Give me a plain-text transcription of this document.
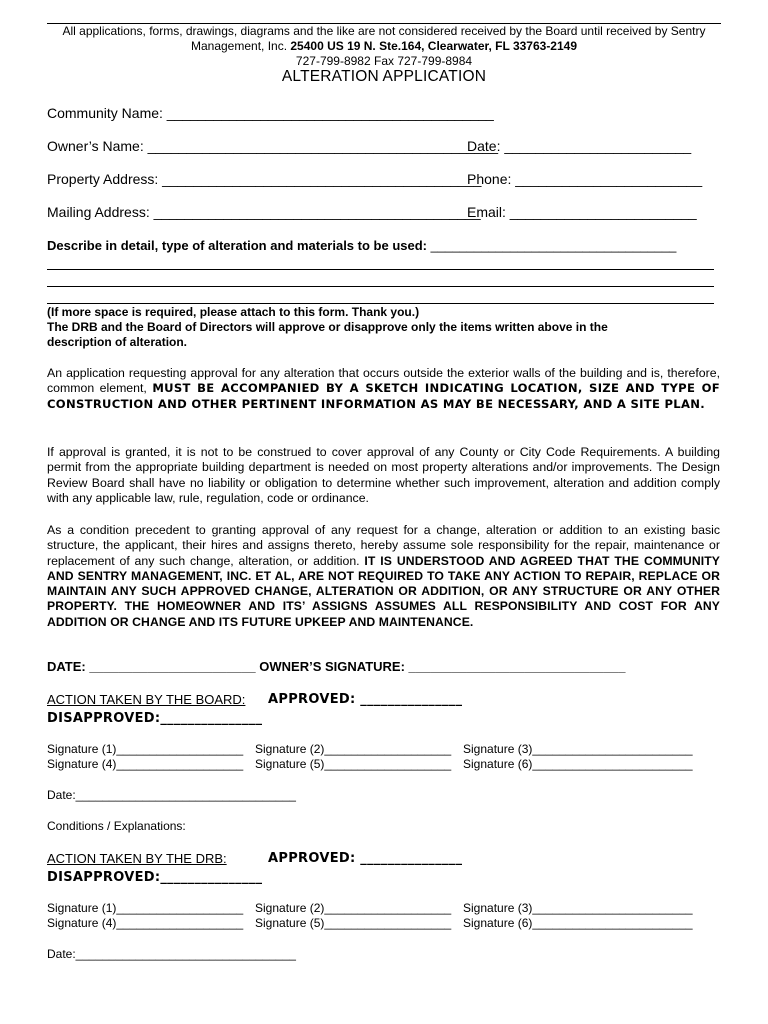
All applications, forms, drawings, diagrams and the like are not considered received by the Board until received by Sentry
Management, Inc. 25400 US 19 N. Ste.164, Clearwater, FL 33763-2149
727-799-8982 Fax 727-799-8984
ALTERATION APPLICATION
Community Name: __________________________________________
Owner’s Name: _____________________________________________
Date: ________________________
Property Address: _________________________________________
Phone: ________________________
Mailing Address: __________________________________________
Email: ________________________
Describe in detail, type of alteration and materials to be used: __________________________________
(If more space is required, please attach to this form. Thank you.)
The DRB and the Board of Directors will approve or disapprove only the items written above in the
description of alteration.
An application requesting approval for any alteration that occurs outside the exterior walls of the building and is, therefore, common element, MUST BE ACCOMPANIED BY A SKETCH INDICATING LOCATION, SIZE AND TYPE OF CONSTRUCTION AND OTHER PERTINENT INFORMATION AS MAY BE NECESSARY, AND A SITE PLAN.
If approval is granted, it is not to be construed to cover approval of any County or City Code Requirements. A building permit from the appropriate building department is needed on most property alterations and/or improvements. The Design Review Board shall have no liability or obligation to determine whether such improvement, alteration and addition comply with any applicable law, rule, regulation, code or ordinance.
As a condition precedent to granting approval of any request for a change, alteration or addition to an existing basic structure, the applicant, their hires and assigns thereto, hereby assume sole responsibility for the repair, maintenance or replacement of any such change, alteration, or addition. IT IS UNDERSTOOD AND AGREED THAT THE COMMUNITY AND SENTRY MANAGEMENT, INC. ET AL, ARE NOT REQUIRED TO TAKE ANY ACTION TO REPAIR, REPLACE OR MAINTAIN ANY SUCH APPROVED CHANGE, ALTERATION OR ADDITION, OR ANY STRUCTURE OR ANY OTHER PROPERTY. THE HOMEOWNER AND ITS’ ASSIGNS ASSUMES ALL RESPONSIBILITY AND COST FOR ANY ADDITION OR CHANGE AND ITS FUTURE UPKEEP AND MAINTENANCE.
DATE: _______________________ OWNER’S SIGNATURE: ______________________________
ACTION TAKEN BY THE BOARD: APPROVED: _______________
DISAPPROVED:_______________
Signature (1)___________________ Signature (2)___________________ Signature (3)________________________
Signature (4)___________________ Signature (5)___________________ Signature (6)________________________
Date:_________________________________
Conditions / Explanations:
ACTION TAKEN BY THE DRB:	APPROVED: _______________
DISAPPROVED:_______________
Signature (1)___________________ Signature (2)___________________ Signature (3)________________________
Signature (4)___________________ Signature (5)___________________ Signature (6)________________________
Date:_________________________________
